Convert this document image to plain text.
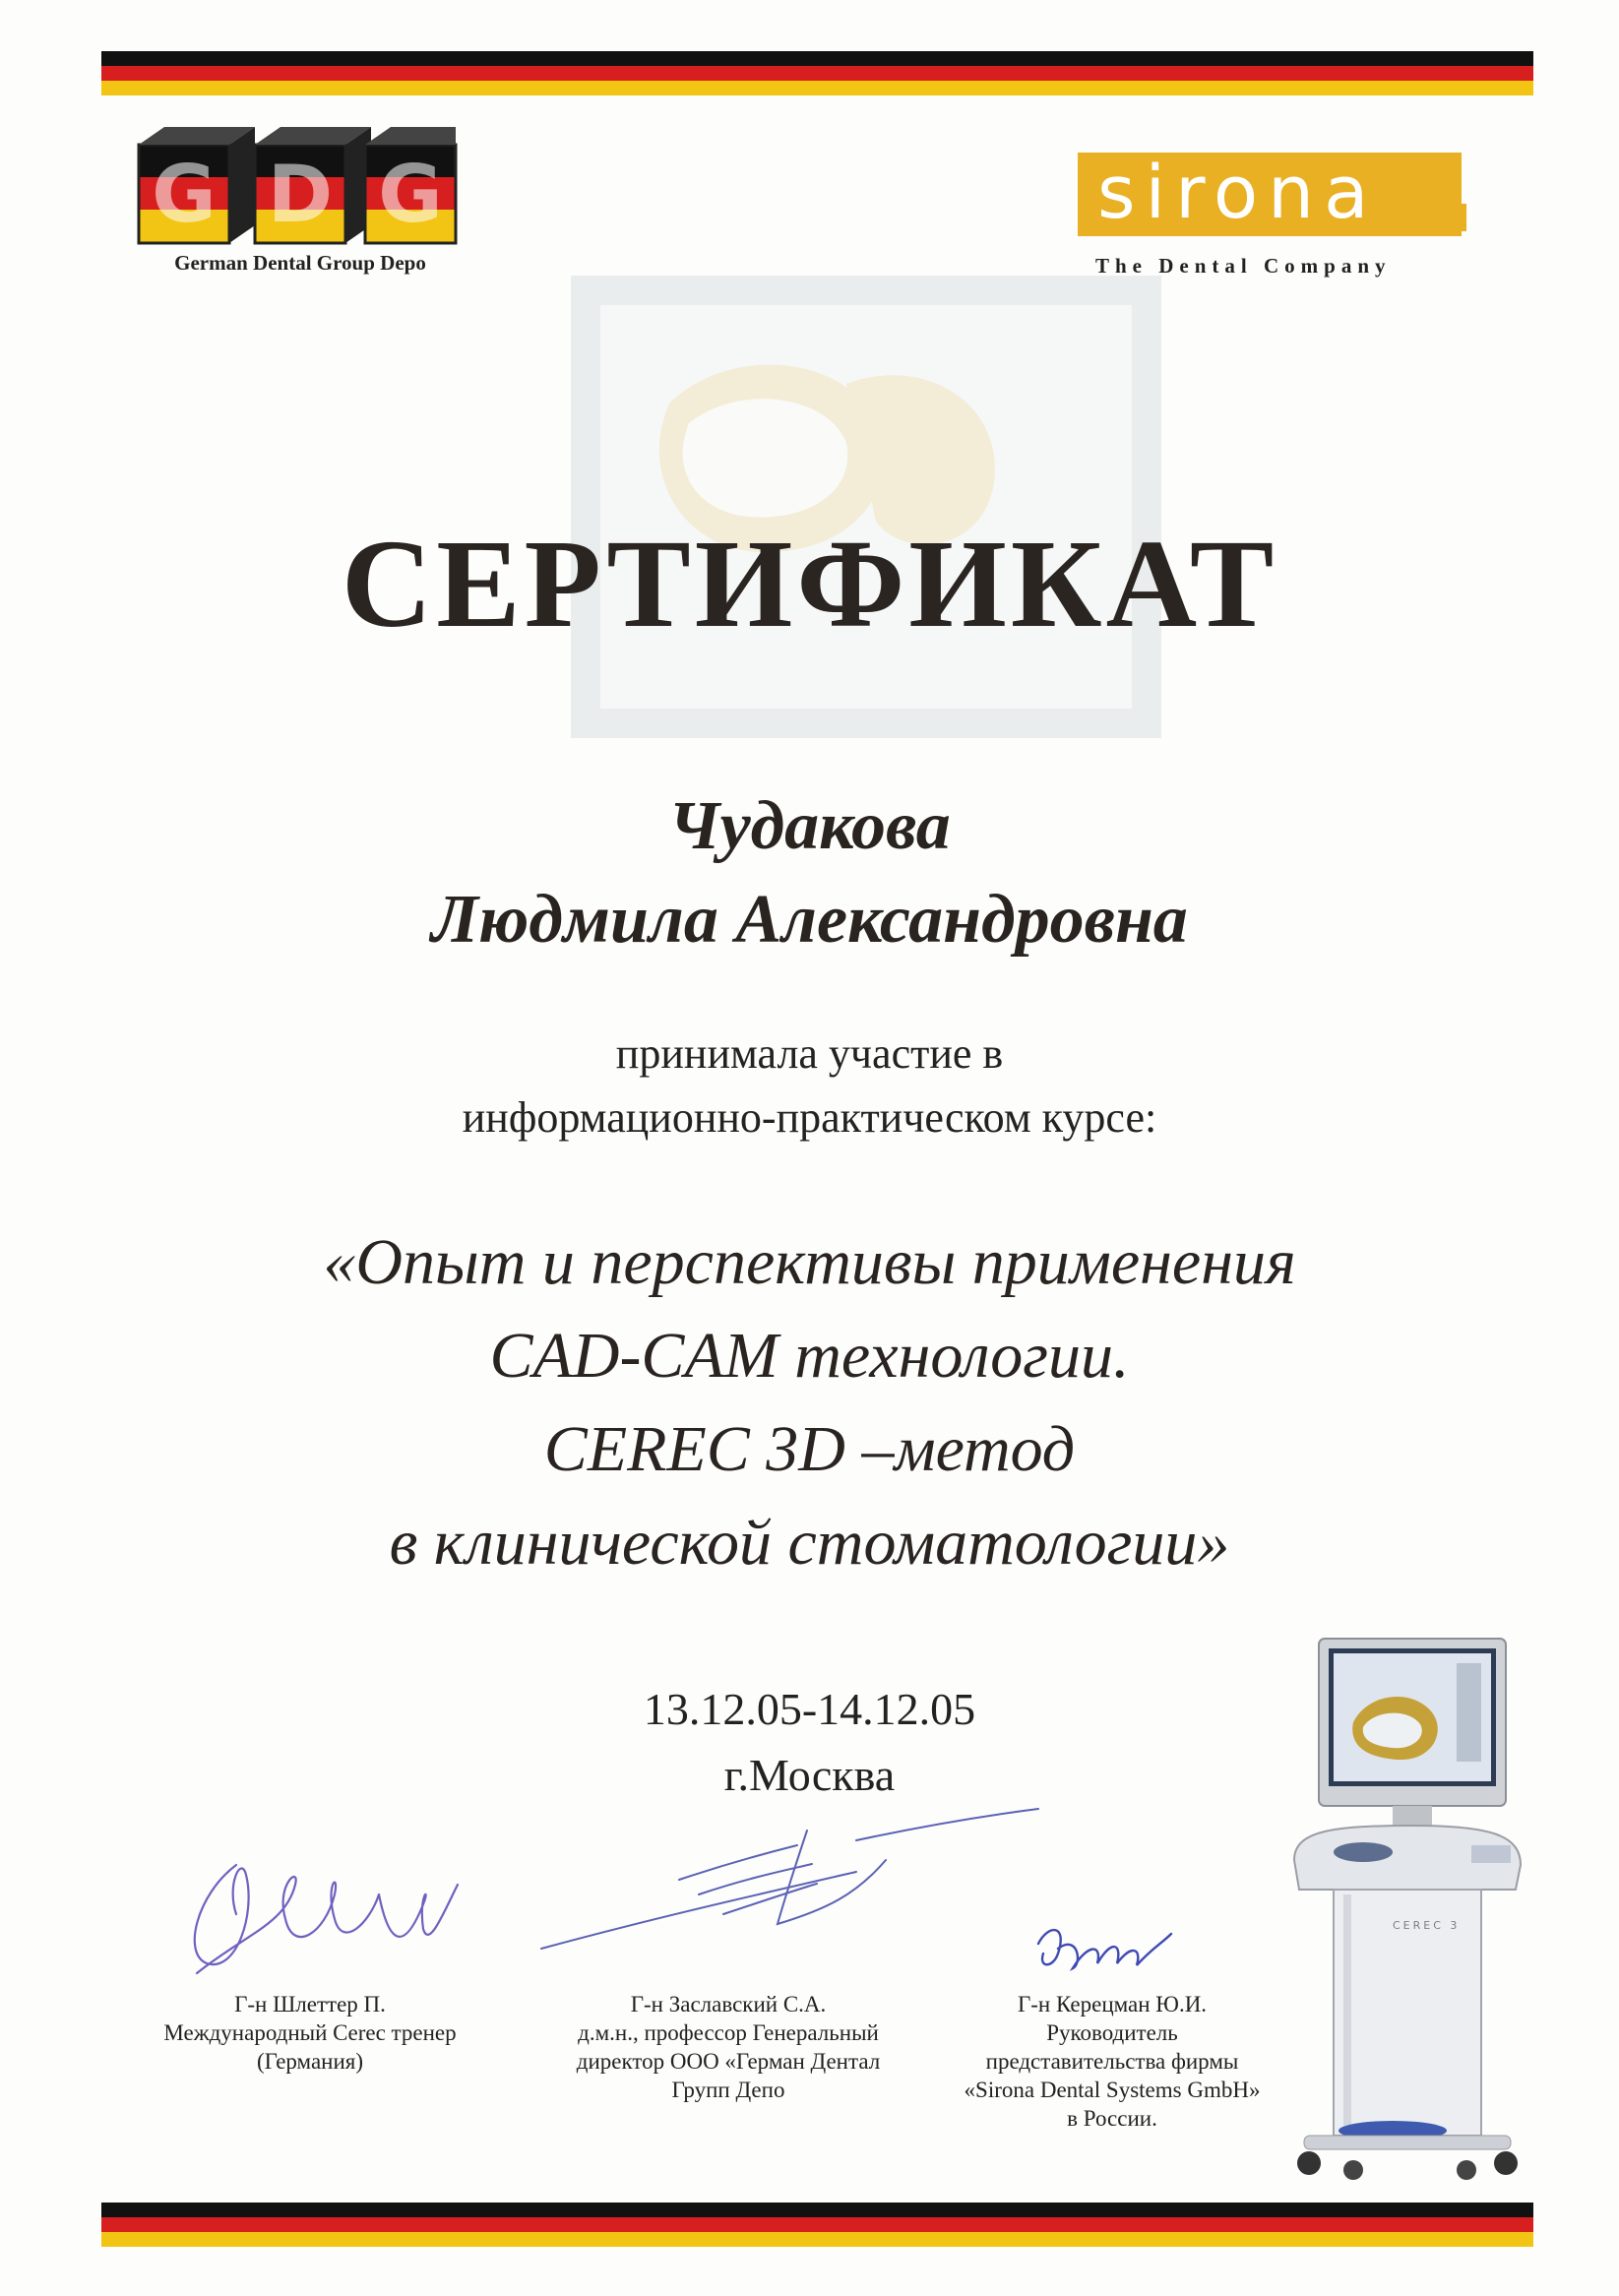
G D G
German Dental Group Depo
sirona
The Dental Company
СЕРТИФИКАТ
Чудакова
Людмила Александровна
принимала участие в
информационно-практическом курсе:
«Опыт и перспективы применения
CAD-CAM технологии.
CEREC 3D –метод
в клинической стоматологии»
13.12.05-14.12.05
г.Москва
Г-н Шлеттер П.
Международный Cerec тренер
(Германия)
Г-н Заславский С.А.
д.м.н., профессор Генеральный
директор ООО «Герман Дентал
Групп Депо
Г-н Керецман Ю.И.
Руководитель
представительства фирмы
«Sirona Dental Systems GmbH»
в России.
CEREC 3
